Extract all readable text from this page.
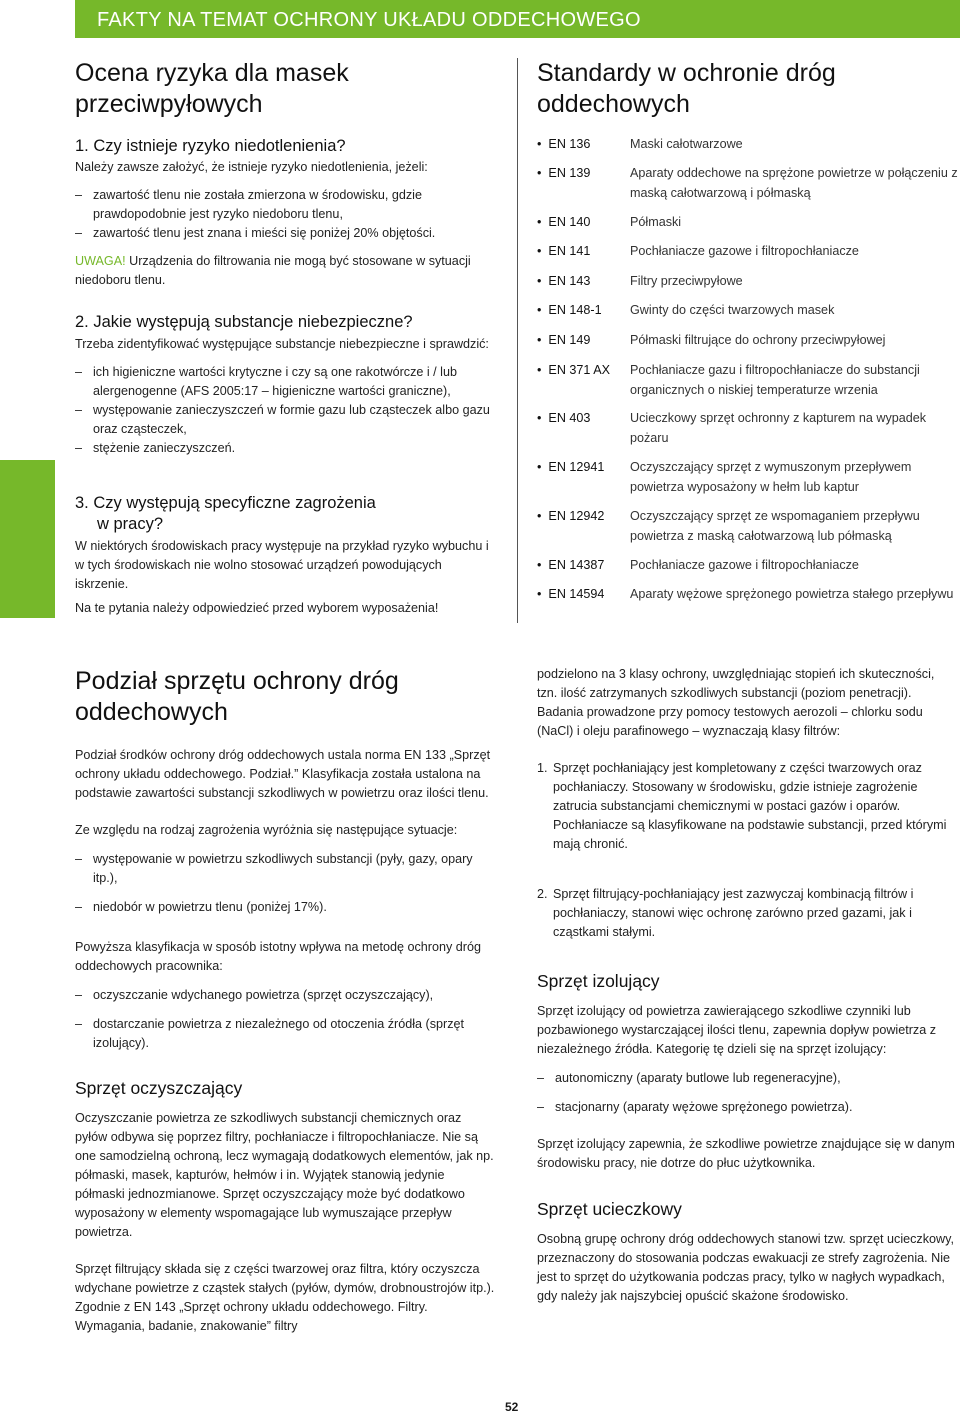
FAKTY NA TEMAT OCHRONY UKŁADU ODDECHOWEGO
Ocena ryzyka dla masek
przeciwpyłowych
1. Czy istnieje ryzyko niedotlenienia?
Należy zawsze założyć, że istnieje ryzyko niedotlenienia, jeżeli:
– zawartość tlenu nie została zmierzona w środowisku, gdzie prawdopodobnie jest ryzyko niedoboru tlenu,
– zawartość tlenu jest znana i mieści się poniżej 20% objętości.
UWAGA! Urządzenia do filtrowania nie mogą być stosowane w sytuacji niedoboru tlenu.
2. Jakie występują substancje niebezpieczne?
Trzeba zidentyfikować występujące substancje niebezpieczne i sprawdzić:
– ich higieniczne wartości krytyczne i czy są one rakotwórcze i / lub alergenogenne (AFS 2005:17 – higieniczne wartości graniczne),
– występowanie zanieczyszczeń w formie gazu lub cząsteczek albo gazu oraz cząsteczek,
– stężenie zanieczyszczeń.
3. Czy występują specyficzne zagrożenia
w pracy?
W niektórych środowiskach pracy występuje na przykład ryzyko wybuchu i w tych środowiskach nie wolno stosować urządzeń powodujących iskrzenie.
Na te pytania należy odpowiedzieć przed wyborem wyposażenia!
Standardy w ochronie dróg
oddechowych
• EN 136	Maski całotwarzowe
• EN 139	Aparaty oddechowe na sprężone powietrze w połączeniu z maską całotwarzową i półmaską
• EN 140	Półmaski
• EN 141	Pochłaniacze gazowe i filtropochłaniacze
• EN 143	Filtry przeciwpyłowe
• EN 148-1 Gwinty do części twarzowych masek
• EN 149	Półmaski filtrujące do ochrony przeciwpyłowej
• EN 371 AX Pochłaniacze gazu i filtropochłaniacze do substancji organicznych o niskiej temperaturze wrzenia
• EN 403	Ucieczkowy sprzęt ochronny z kapturem na wypadek pożaru
• EN 12941 Oczyszczający sprzęt z wymuszonym przepływem powietrza wyposażony w hełm lub kaptur
• EN 12942 Oczyszczający sprzęt ze wspomaganiem przepływu powietrza z maską całotwarzową lub półmaską
• EN 14387 Pochłaniacze gazowe i filtropochłaniacze
• EN 14594 Aparaty wężowe sprężonego powietrza stałego przepływu
Podział sprzętu ochrony dróg
oddechowych
Podział środków ochrony dróg oddechowych ustala norma EN 133 „Sprzęt ochrony układu oddechowego. Podział.” Klasyfikacja została ustalona na podstawie zawartości substancji szkodliwych w powietrzu oraz ilości tlenu.
Ze względu na rodzaj zagrożenia wyróżnia się następujące sytuacje:
– występowanie w powietrzu szkodliwych substancji (pyły, gazy, opary itp.),
– niedobór w powietrzu tlenu (poniżej 17%).
Powyższa klasyfikacja w sposób istotny wpływa na metodę ochrony dróg oddechowych pracownika:
– oczyszczanie wdychanego powietrza (sprzęt oczyszczający),
– dostarczanie powietrza z niezależnego od otoczenia źródła (sprzęt izolujący).
Sprzęt oczyszczający
Oczyszczanie powietrza ze szkodliwych substancji chemicznych oraz pyłów odbywa się poprzez filtry, pochłaniacze i filtropochłaniacze. Nie są one samodzielną ochroną, lecz wymagają dodatkowych elementów, jak np. półmaski, masek, kapturów, hełmów i in. Wyjątek stanowią jedynie półmaski jednozmianowe. Sprzęt oczyszczający może być dodatkowo wyposażony w elementy wspomagające lub wymuszające przepływ powietrza.
Sprzęt filtrujący składa się z części twarzowej oraz filtra, który oczyszcza wdychane powietrze z cząstek stałych (pyłów, dymów, drobnoustrojów itp.). Zgodnie z EN 143 „Sprzęt ochrony układu oddechowego. Filtry. Wymagania, badanie, znakowanie” filtry
podzielono na 3 klasy ochrony, uwzględniając stopień ich skuteczności, tzn. ilość zatrzymanych szkodliwych substancji (poziom penetracji). Badania prowadzone przy pomocy testowych aerozoli – chlorku sodu (NaCl) i oleju parafinowego – wyznaczają klasy filtrów:
1. Sprzęt pochłaniający jest kompletowany z części twarzowych oraz pochłaniaczy. Stosowany w środowisku, gdzie istnieje zagrożenie zatrucia substancjami chemicznymi w postaci gazów i oparów. Pochłaniacze są klasyfikowane na podstawie substancji, przed którymi mają chronić.
2. Sprzęt filtrujący-pochłaniający jest zazwyczaj kombinacją filtrów i pochłaniaczy, stanowi więc ochronę zarówno przed gazami, jak i cząstkami stałymi.
Sprzęt izolujący
Sprzęt izolujący od powietrza zawierającego szkodliwe czynniki lub pozbawionego wystarczającej ilości tlenu, zapewnia dopływ powietrza z niezależnego źródła. Kategorię tę dzieli się na sprzęt izolujący:
– autonomiczny (aparaty butlowe lub regeneracyjne),
– stacjonarny (aparaty wężowe sprężonego powietrza).
Sprzęt izolujący zapewnia, że szkodliwe powietrze znajdujące się w danym środowisku pracy, nie dotrze do płuc użytkownika.
Sprzęt ucieczkowy
Osobną grupę ochrony dróg oddechowych stanowi tzw. sprzęt ucieczkowy, przeznaczony do stosowania podczas ewakuacji ze strefy zagrożenia. Nie jest to sprzęt do użytkowania podczas pracy, tylko w nagłych wypadkach, gdy należy jak najszybciej opuścić skażone środowisko.
52
